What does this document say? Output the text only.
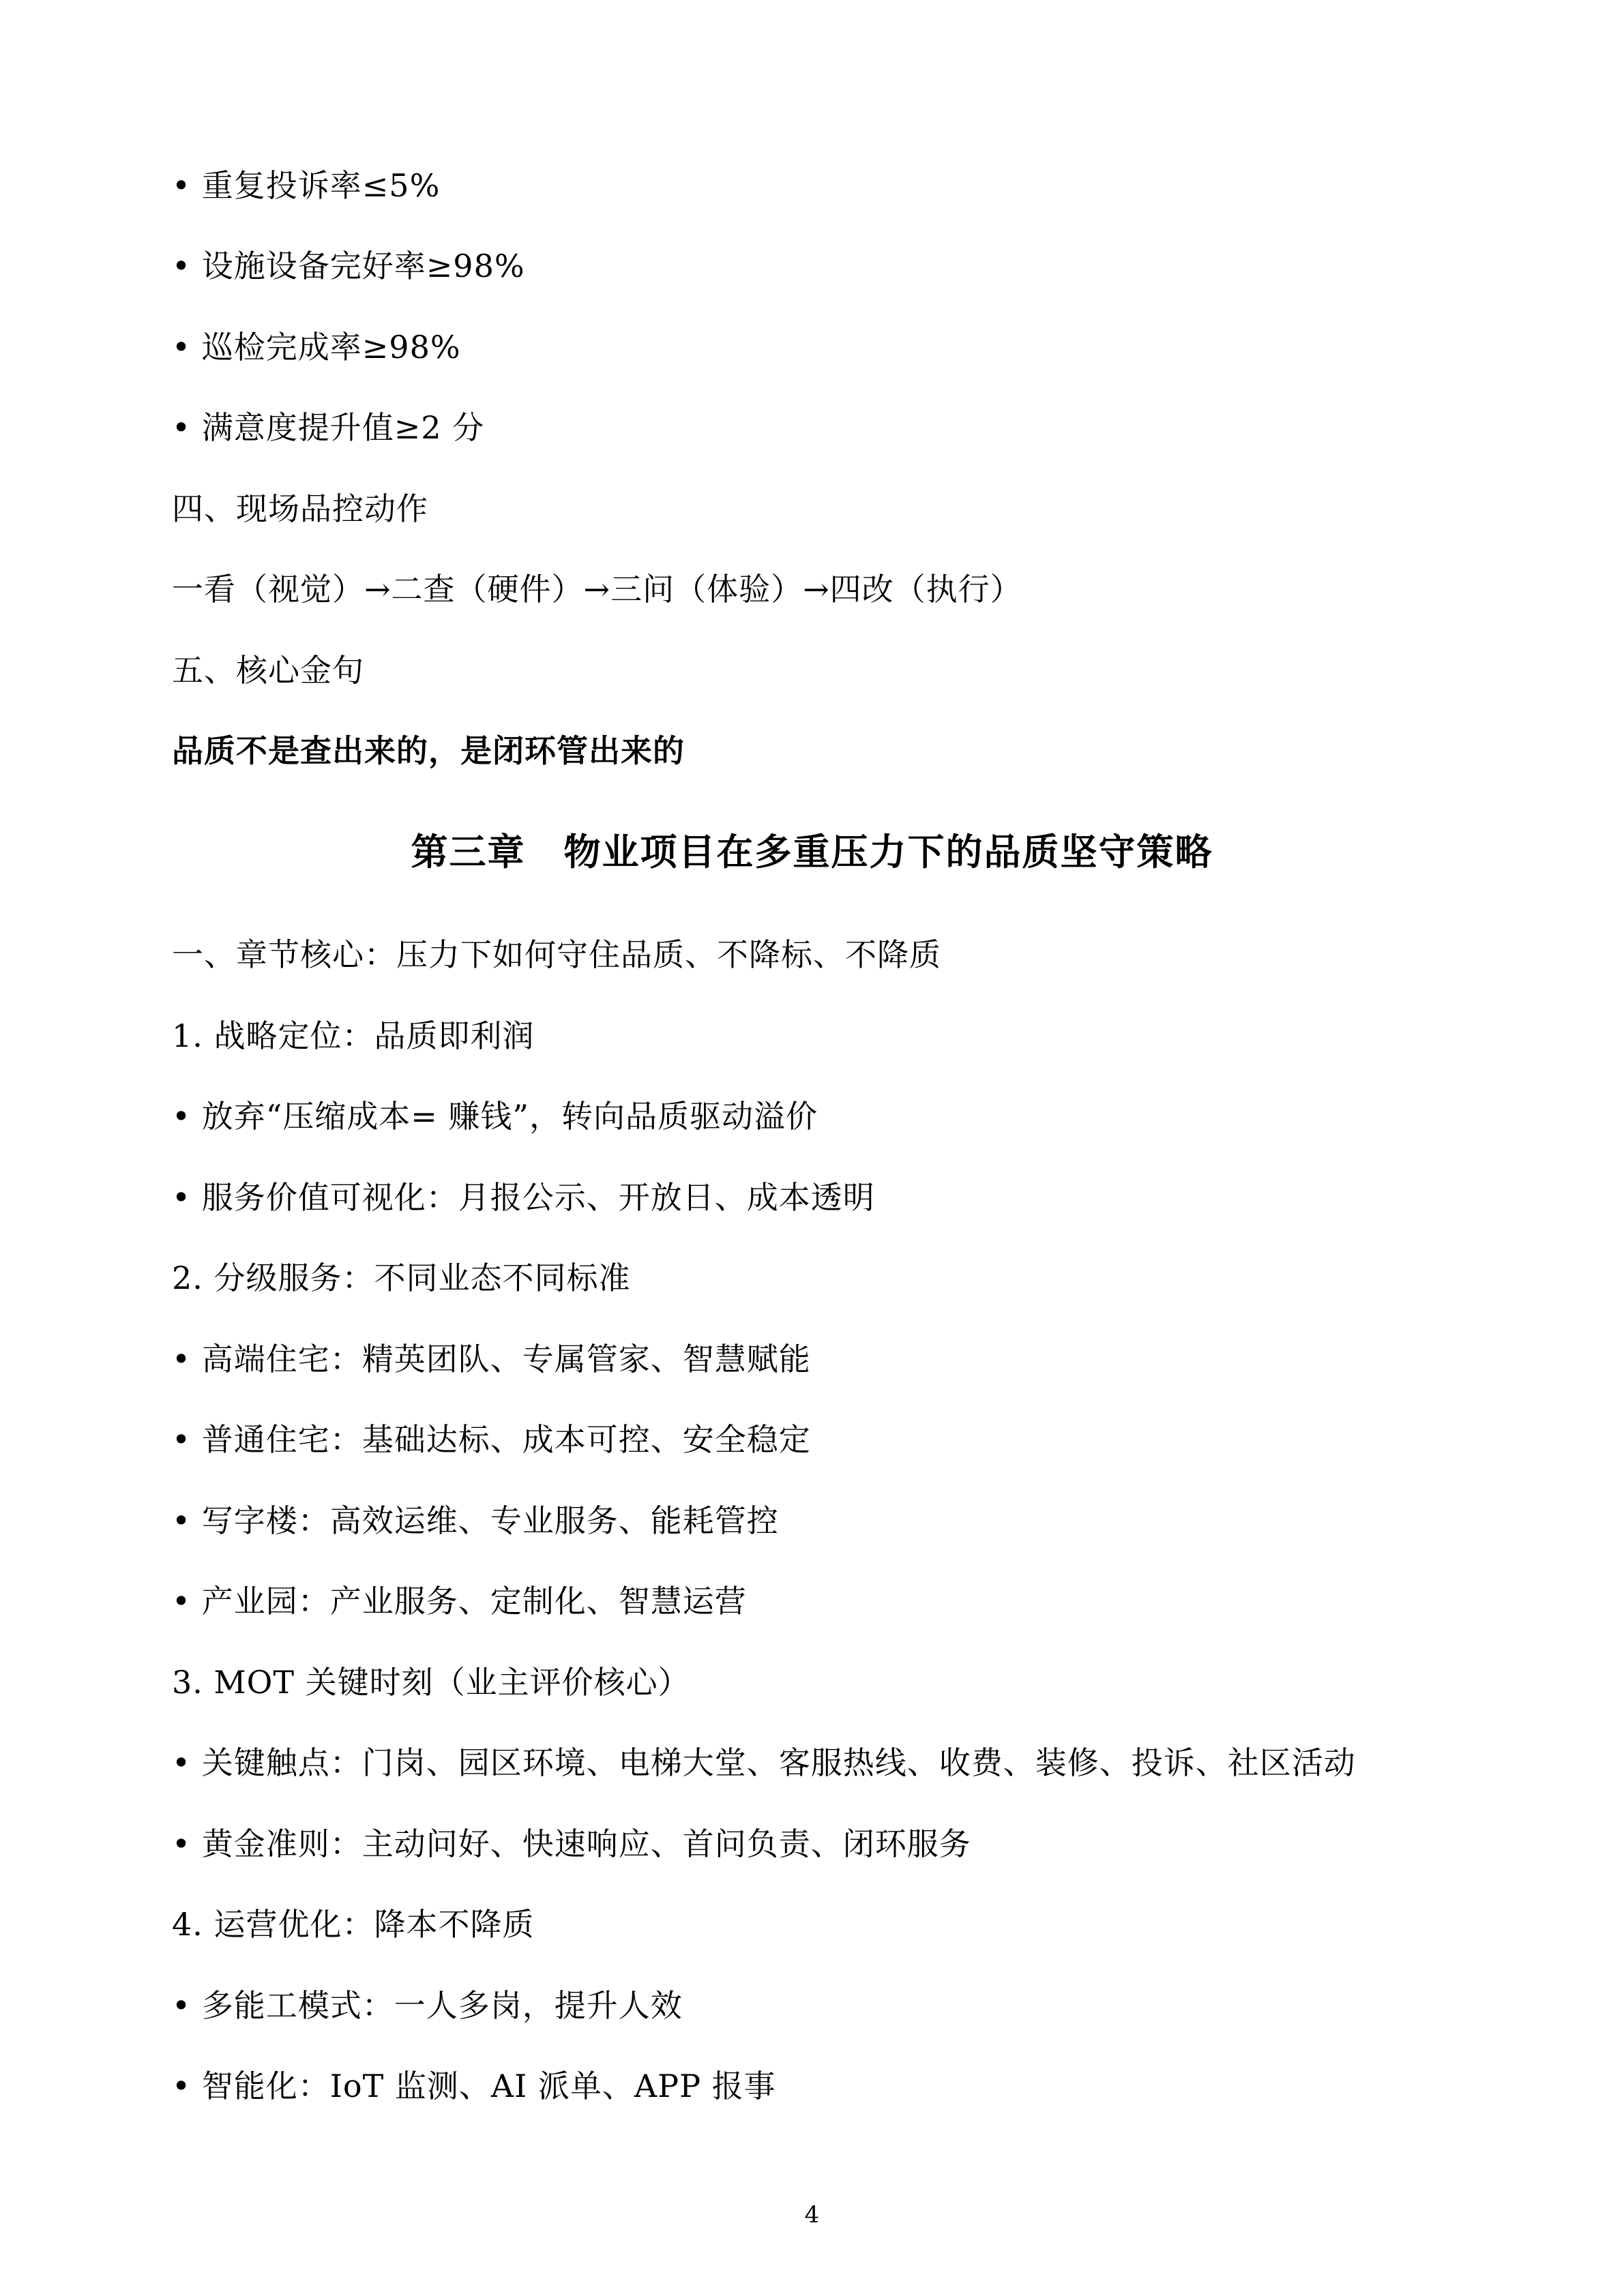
• 重复投诉率≤5%
• 设施设备完好率≥98%
• 巡检完成率≥98%
• 满意度提升值≥2 分
四、现场品控动作
一看（视觉）→二查（硬件）→三问（体验）→四改（执行）
五、核心金句
品质不是查出来的，是闭环管出来的
第三章　物业项目在多重压力下的品质坚守策略
一、章节核心：压力下如何守住品质、不降标、不降质
1. 战略定位：品质即利润
• 放弃“压缩成本= 赚钱”，转向品质驱动溢价
• 服务价值可视化：月报公示、开放日、成本透明
2. 分级服务：不同业态不同标准
• 高端住宅：精英团队、专属管家、智慧赋能
• 普通住宅：基础达标、成本可控、安全稳定
• 写字楼：高效运维、专业服务、能耗管控
• 产业园：产业服务、定制化、智慧运营
3. MOT 关键时刻（业主评价核心）
• 关键触点：门岗、园区环境、电梯大堂、客服热线、收费、装修、投诉、社区活动
• 黄金准则：主动问好、快速响应、首问负责、闭环服务
4. 运营优化：降本不降质
• 多能工模式：一人多岗，提升人效
• 智能化：IoT 监测、AI 派单、APP 报事
4
